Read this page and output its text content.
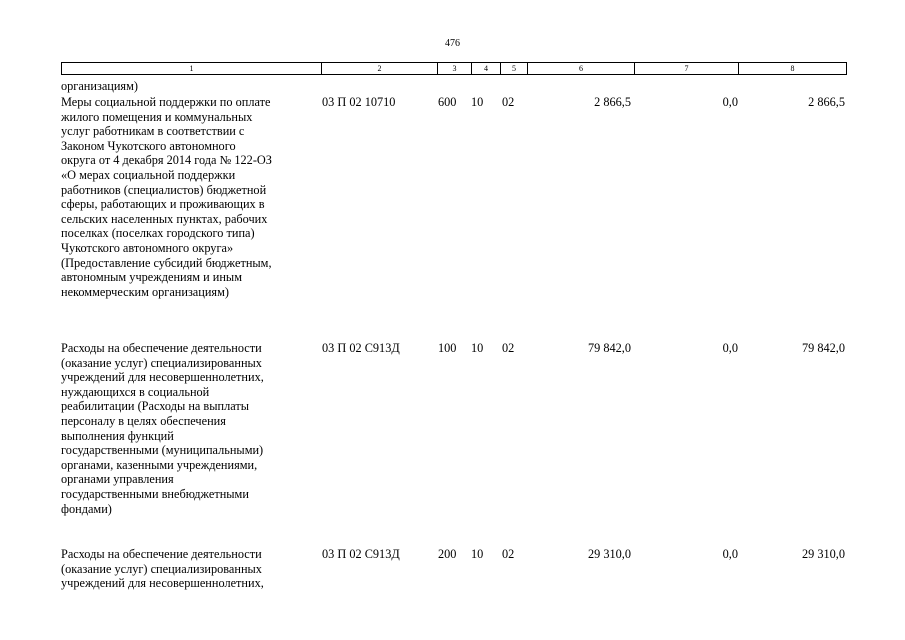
476
1	2	3	4	5	6	7	8
организациям)
Меры социальной поддержки по оплате
жилого помещения и коммунальных
услуг работникам в соответствии с
Законом Чукотского автономного
округа от 4 декабря 2014 года № 122-ОЗ
«О мерах социальной поддержки
работников (специалистов) бюджетной
сферы, работающих и проживающих в
сельских населенных пунктах, рабочих
поселках (поселках городского типа)
Чукотского автономного округа»
(Предоставление субсидий бюджетным,
автономным учреждениям и иным
некоммерческим организациям)
03 П 02 10710	600 10 02	2 866,5	0,0	2 866,5
Расходы на обеспечение деятельности
(оказание услуг) специализированных
учреждений для несовершеннолетних,
нуждающихся в социальной
реабилитации (Расходы на выплаты
персоналу в целях обеспечения
выполнения функций
государственными (муниципальными)
органами, казенными учреждениями,
органами управления
государственными внебюджетными
фондами)
03 П 02 С913Д	100 10 02	79 842,0	0,0	79 842,0
Расходы на обеспечение деятельности
(оказание услуг) специализированных
учреждений для несовершеннолетних,
03 П 02 С913Д	200 10 02	29 310,0	0,0	29 310,0
